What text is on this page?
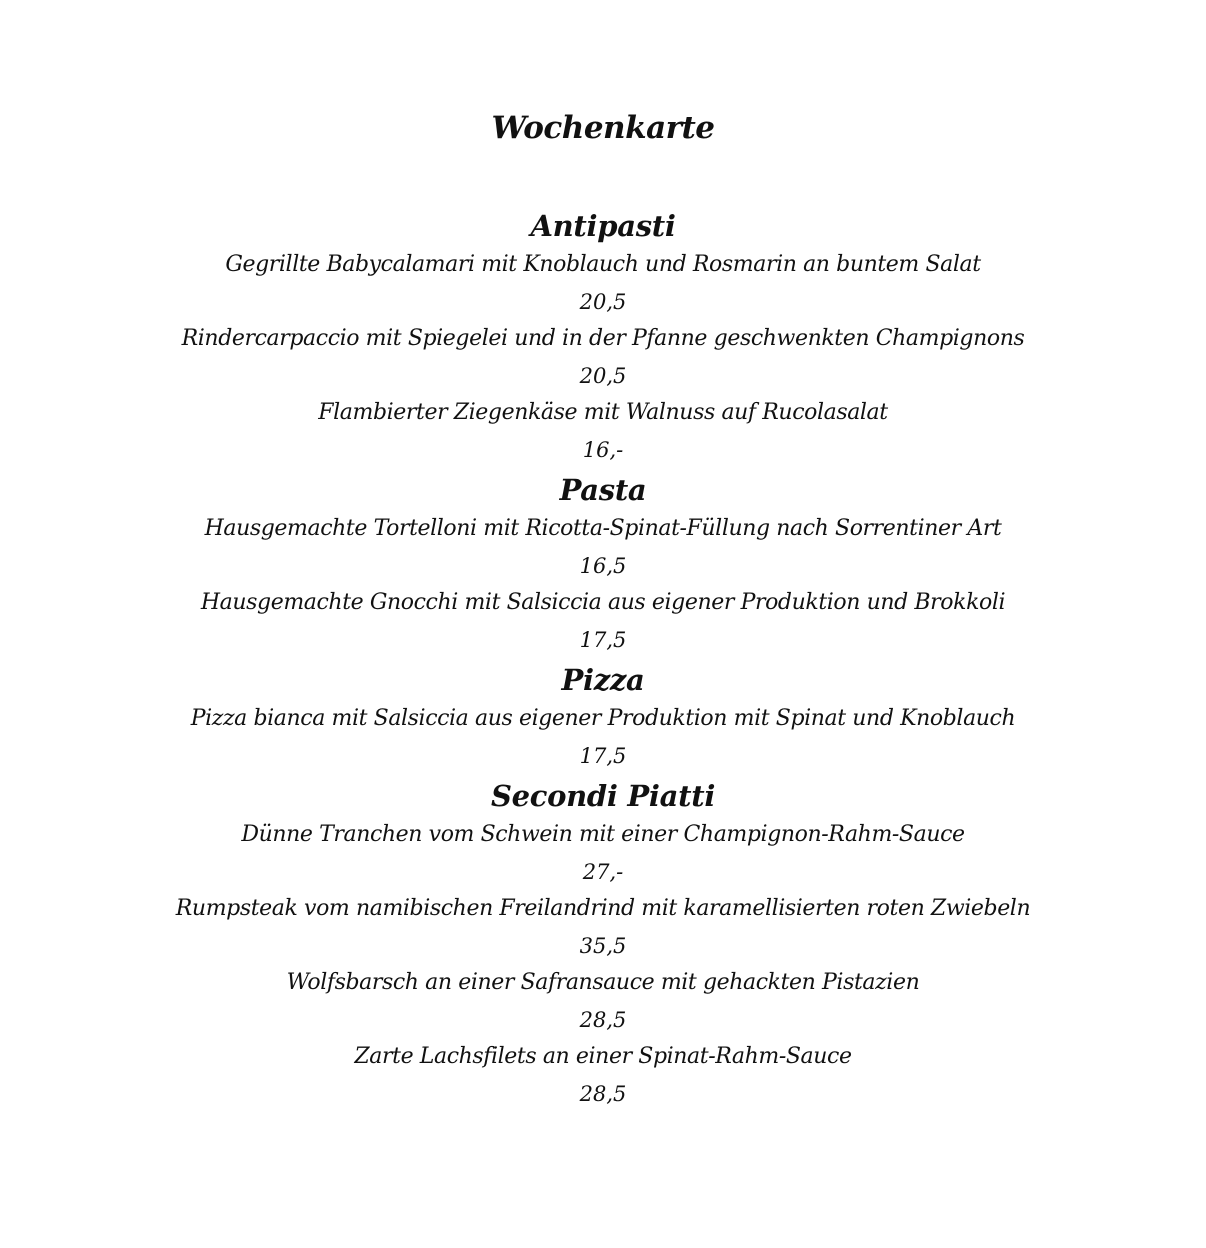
Wochenkarte
Antipasti
Gegrillte Babycalamari mit Knoblauch und Rosmarin an buntem Salat
20,5
Rindercarpaccio mit Spiegelei und in der Pfanne geschwenkten Champignons
20,5
Flambierter Ziegenkäse mit Walnuss auf Rucolasalat
16,-
Pasta
Hausgemachte Tortelloni mit Ricotta-Spinat-Füllung nach Sorrentiner Art
16,5
Hausgemachte Gnocchi mit Salsiccia aus eigener Produktion und Brokkoli
17,5
Pizza
Pizza bianca mit Salsiccia aus eigener Produktion mit Spinat und Knoblauch
17,5
Secondi Piatti
Dünne Tranchen vom Schwein mit einer Champignon-Rahm-Sauce
27,-
Rumpsteak vom namibischen Freilandrind mit karamellisierten roten Zwiebeln
35,5
Wolfsbarsch an einer Safransauce mit gehackten Pistazien
28,5
Zarte Lachsfilets an einer Spinat-Rahm-Sauce
28,5
